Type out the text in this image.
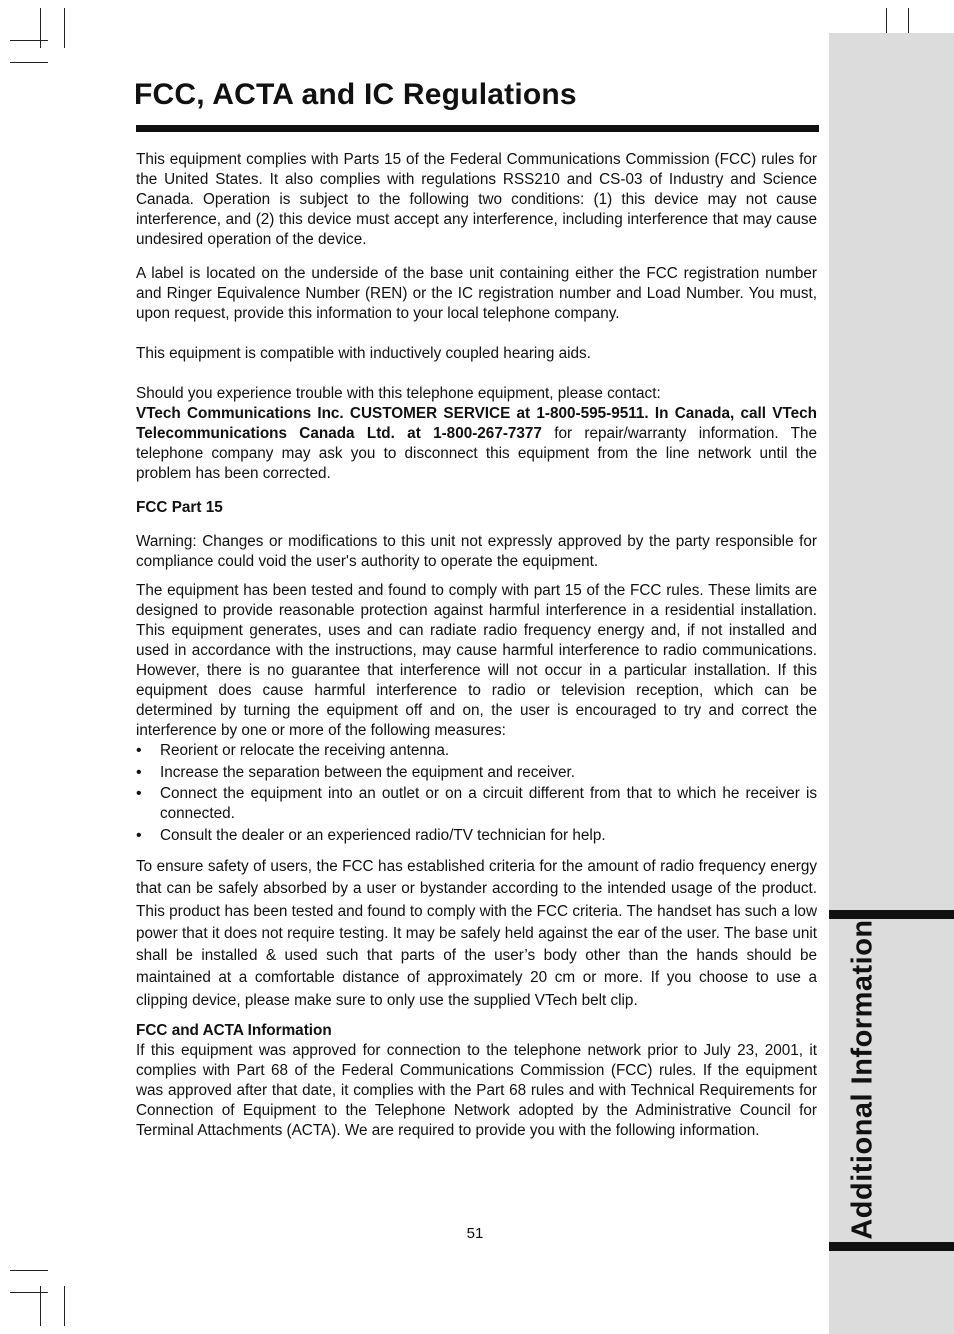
Additional Information
FCC, ACTA and IC Regulations

This equipment complies with Parts 15 of the Federal Communications Commission (FCC) rules for the United States. It also complies with regulations RSS210 and CS-03 of Industry and Science Canada. Operation is subject to the following two conditions: (1) this device may not cause interference, and (2) this device must accept any interference, including interference that may cause undesired operation of the device.

A label is located on the underside of the base unit containing either the FCC registration number and Ringer Equivalence Number (REN) or the IC registration number and Load Number. You must, upon request, provide this information to your local telephone company.

This equipment is compatible with inductively coupled hearing aids.

Should you experience trouble with this telephone equipment, please contact:
VTech Communications Inc. CUSTOMER SERVICE at 1-800-595-9511. In Canada, call VTech Telecommunications Canada Ltd. at 1-800-267-7377 for repair/warranty information. The telephone company may ask you to disconnect this equipment from the line network until the problem has been corrected.

FCC Part 15

Warning: Changes or modifications to this unit not expressly approved by the party responsible for compliance could void the user's authority to operate the equipment.

The equipment has been tested and found to comply with part 15 of the FCC rules. These limits are designed to provide reasonable protection against harmful interference in a residential installation. This equipment generates, uses and can radiate radio frequency energy and, if not installed and used in accordance with the instructions, may cause harmful interference to radio communications. However, there is no guarantee that interference will not occur in a particular installation. If this equipment does cause harmful interference to radio or television reception, which can be determined by turning the equipment off and on, the user is encouraged to try and correct the interference by one or more of the following measures:

• Reorient or relocate the receiving antenna.
• Increase the separation between the equipment and receiver.
• Connect the equipment into an outlet or on a circuit different from that to which he receiver is connected.
• Consult the dealer or an experienced radio/TV technician for help.

To ensure safety of users, the FCC has established criteria for the amount of radio frequency energy that can be safely absorbed by a user or bystander according to the intended usage of the product. This product has been tested and found to comply with the FCC criteria. The handset has such a low power that it does not require testing. It may be safely held against the ear of the user. The base unit shall be installed & used such that parts of the user’s body other than the hands should be maintained at a comfortable distance of approximately 20 cm or more. If you choose to use a clipping device, please make sure to only use the supplied VTech belt clip.

FCC and ACTA Information

If this equipment was approved for connection to the telephone network prior to July 23, 2001, it complies with Part 68 of the Federal Communications Commission (FCC) rules. If the equipment was approved after that date, it complies with the Part 68 rules and with Technical Requirements for Connection of Equipment to the Telephone Network adopted by the Administrative Council for Terminal Attachments (ACTA). We are required to provide you with the following information.

51
